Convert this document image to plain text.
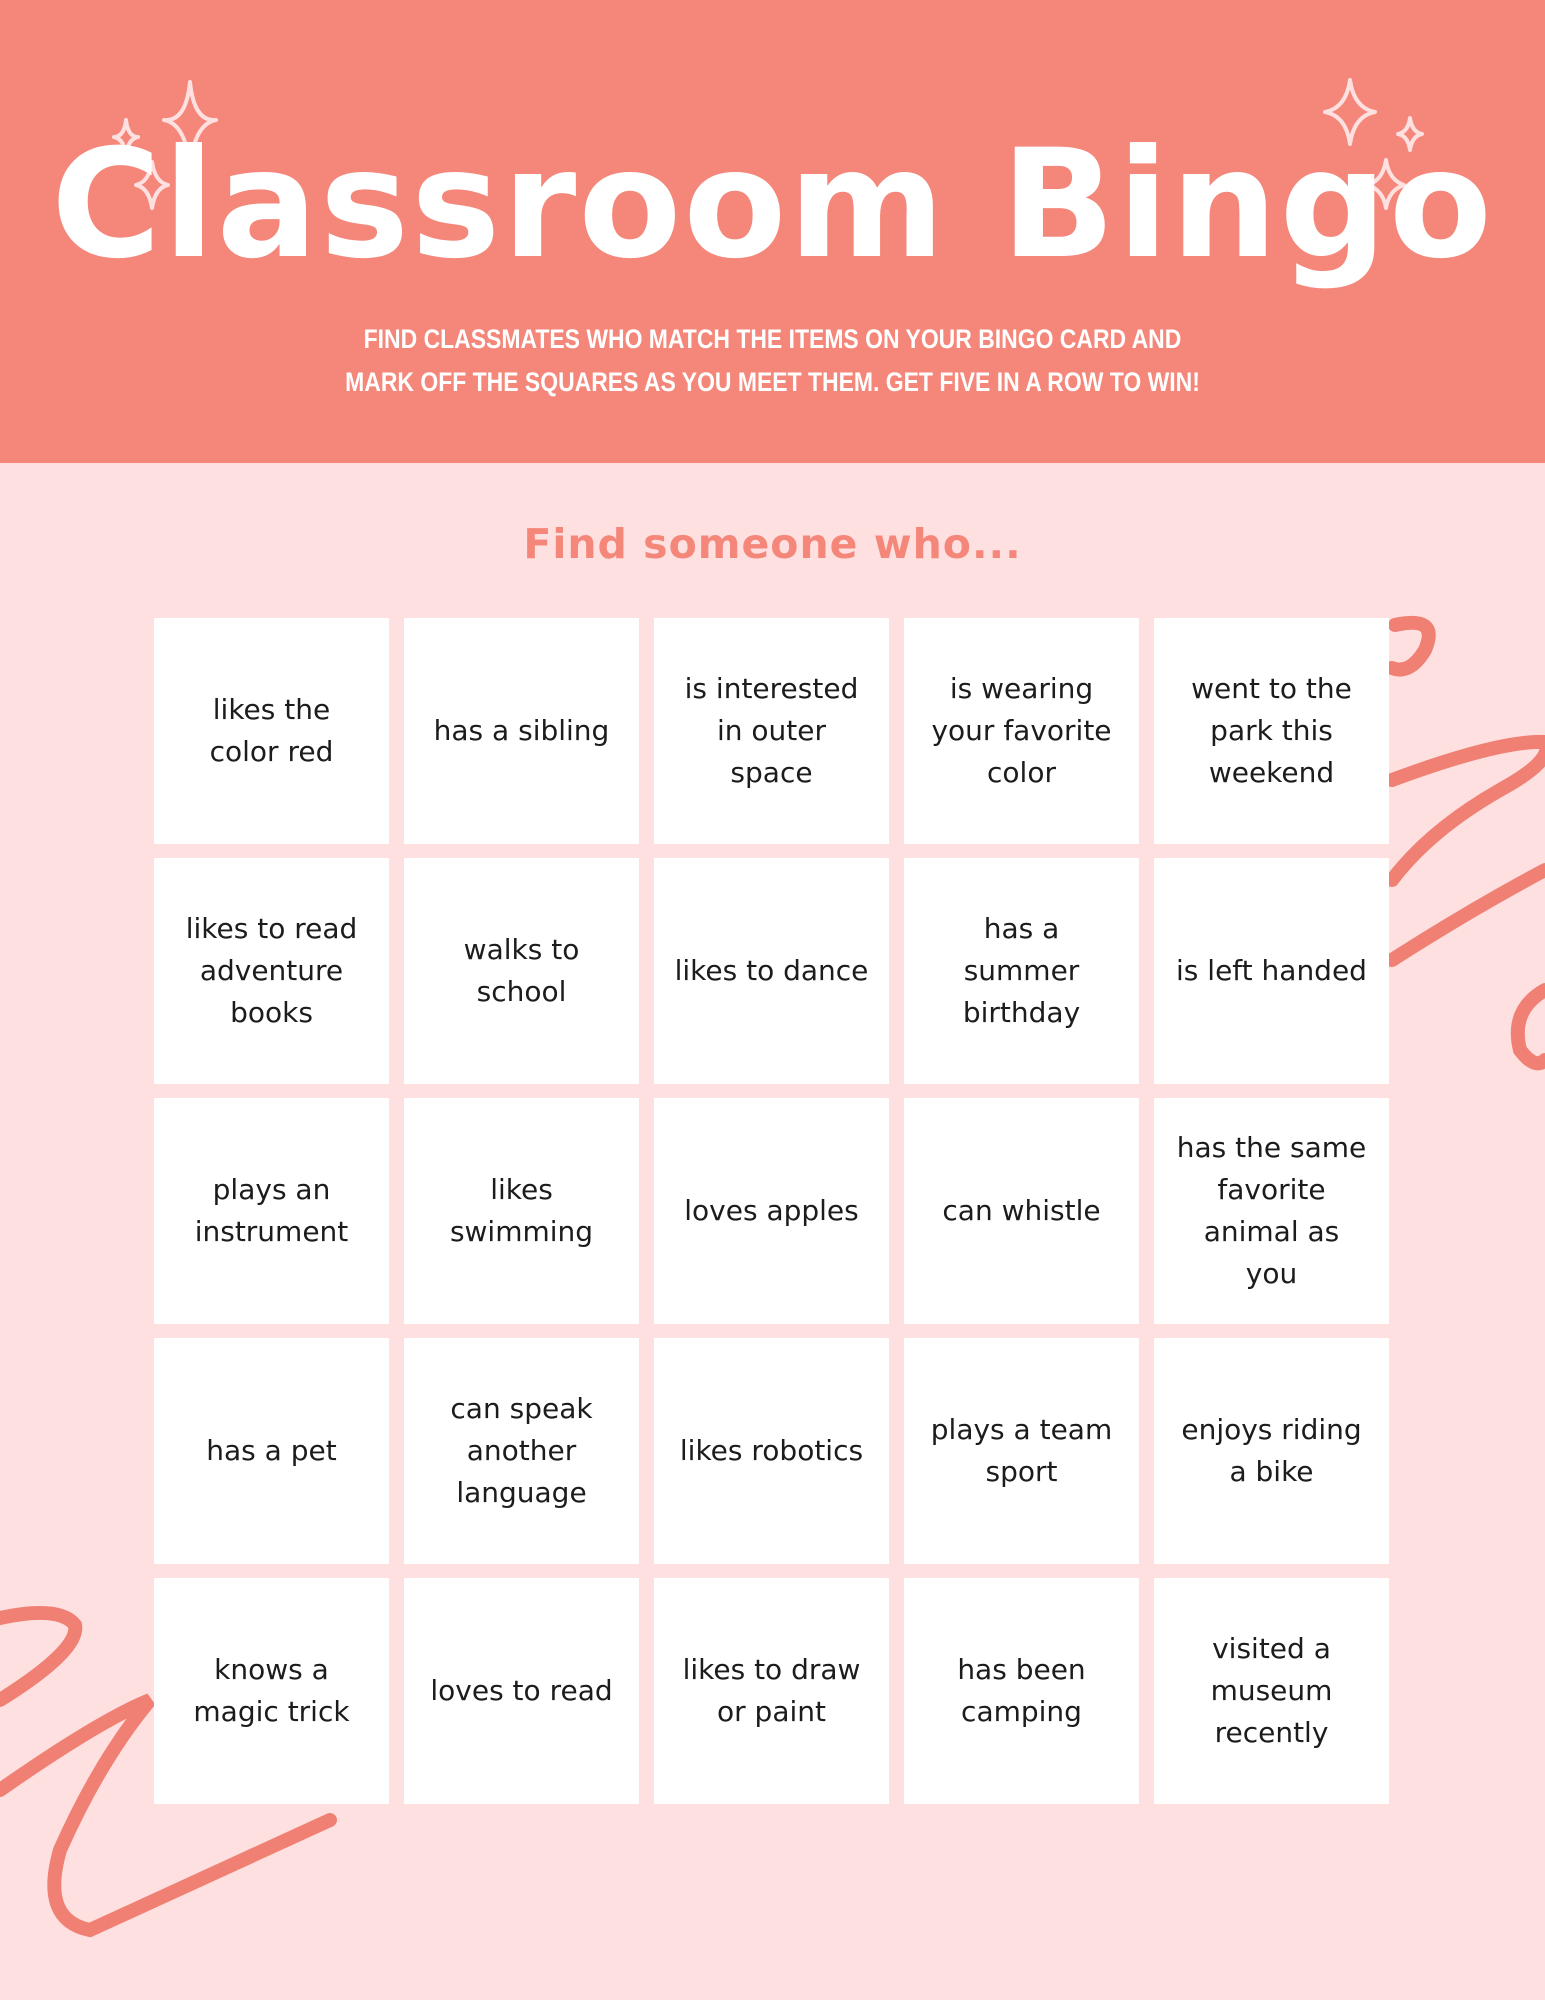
Classroom Bingo
FIND CLASSMATES WHO MATCH THE ITEMS ON YOUR BINGO CARD AND MARK OFF THE SQUARES AS YOU MEET THEM. GET FIVE IN A ROW TO WIN!
Find someone who...
likes the color red
has a sibling
is interested in outer space
is wearing your favorite color
went to the park this weekend
likes to read adventure books
walks to school
likes to dance
has a summer birthday
is left handed
plays an instrument
likes swimming
loves apples	can whistle
has the same favorite animal as you
has a pet
can speak another language
likes robotics
plays a team sport
enjoys riding a bike
knows a magic trick
loves to read
likes to draw or paint
has been camping
visited a museum recently
